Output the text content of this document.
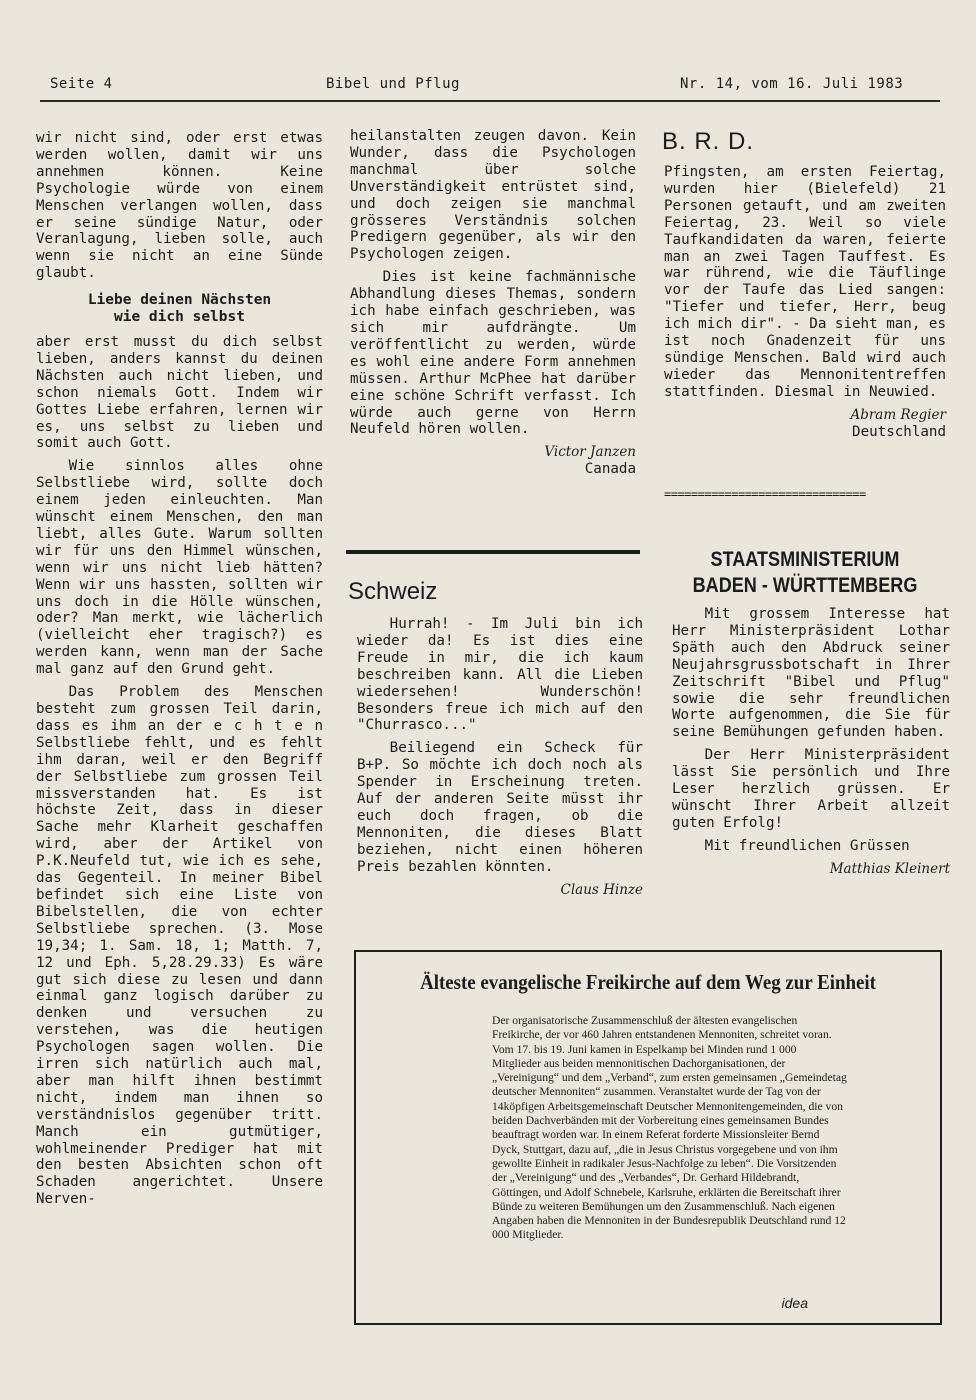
Seite 4	Bibel und Pflug	Nr. 14, vom 16. Juli 1983

wir nicht sind, oder erst etwas werden wollen, damit wir uns annehmen können. Keine Psychologie würde von einem Menschen verlangen wollen, dass er seine sündige Natur, oder Veranlagung, lieben solle, auch wenn sie nicht an eine Sünde glaubt.

Liebe deinen Nächsten
wie dich selbst

aber erst musst du dich selbst lieben, anders kannst du deinen Nächsten auch nicht lieben, und schon niemals Gott. Indem wir Gottes Liebe erfahren, lernen wir es, uns selbst zu lieben und somit auch Gott.

Wie sinnlos alles ohne Selbstliebe wird, sollte doch einem jeden einleuchten. Man wünscht einem Menschen, den man liebt, alles Gute. Warum sollten wir für uns den Himmel wünschen, wenn wir uns nicht lieb hätten? Wenn wir uns hassten, sollten wir uns doch in die Hölle wünschen, oder? Man merkt, wie lächerlich (vielleicht eher tragisch?) es werden kann, wenn man der Sache mal ganz auf den Grund geht.

Das Problem des Menschen besteht zum grossen Teil darin, dass es ihm an der e c h t e n Selbstliebe fehlt, und es fehlt ihm daran, weil er den Begriff der Selbstliebe zum grossen Teil missverstanden hat. Es ist höchste Zeit, dass in dieser Sache mehr Klarheit geschaffen wird, aber der Artikel von P.K.Neufeld tut, wie ich es sehe, das Gegenteil. In meiner Bibel befindet sich eine Liste von Bibelstellen, die von echter Selbstliebe sprechen. (3. Mose 19,34; 1. Sam. 18, 1; Matth. 7, 12 und Eph. 5,28.29.33) Es wäre gut sich diese zu lesen und dann einmal ganz logisch darüber zu denken und versuchen zu verstehen, was die heutigen Psychologen sagen wollen. Die irren sich natürlich auch mal, aber man hilft ihnen bestimmt nicht, indem man ihnen so verständnislos gegenüber tritt. Manch ein gutmütiger, wohlmeinender Prediger hat mit den besten Absichten schon oft Schaden angerichtet. Unsere Nerven-

heilanstalten zeugen davon. Kein Wunder, dass die Psychologen manchmal über solche Unverständigkeit entrüstet sind, und doch zeigen sie manchmal grösseres Verständnis solchen Predigern gegenüber, als wir den Psychologen zeigen.

Dies ist keine fachmännische Abhandlung dieses Themas, sondern ich habe einfach geschrieben, was sich mir aufdrängte. Um veröffentlicht zu werden, würde es wohl eine andere Form annehmen müssen. Arthur McPhee hat darüber eine schöne Schrift verfasst. Ich würde auch gerne von Herrn Neufeld hören wollen.

Victor Janzen
Canada
Schweiz

Hurrah! - Im Juli bin ich wieder da! Es ist dies eine Freude in mir, die ich kaum beschreiben kann. All die Lieben wiedersehen! Wunderschön! Besonders freue ich mich auf den "Churrasco..."

Beiliegend ein Scheck für B+P. So möchte ich doch noch als Spender in Erscheinung treten. Auf der anderen Seite müsst ihr euch doch fragen, ob die Mennoniten, die dieses Blatt beziehen, nicht einen höheren Preis bezahlen könnten.

Claus Hinze
B. R. D.

Pfingsten, am ersten Feiertag, wurden hier (Bielefeld) 21 Personen getauft, und am zweiten Feiertag, 23. Weil so viele Taufkandidaten da waren, feierte man an zwei Tagen Tauffest. Es war rührend, wie die Täuflinge vor der Taufe das Lied sangen: "Tiefer und tiefer, Herr, beug ich mich dir". - Da sieht man, es ist noch Gnadenzeit für uns sündige Menschen. Bald wird auch wieder das Mennonitentreffen stattfinden. Diesmal in Neuwied.

Abram Regier
Deutschland
==============================
STAATSMINISTERIUM
BADEN - WÜRTTEMBERG

Mit grossem Interesse hat Herr Ministerpräsident Lothar Späth auch den Abdruck seiner Neujahrsgrussbotschaft in Ihrer Zeitschrift "Bibel und Pflug" sowie die sehr freundlichen Worte aufgenommen, die Sie für seine Bemühungen gefunden haben.

Der Herr Ministerpräsident lässt Sie persönlich und Ihre Leser herzlich grüssen. Er wünscht Ihrer Arbeit allzeit guten Erfolg!

Mit freundlichen Grüssen

Matthias Kleinert
Älteste evangelische Freikirche auf dem Weg zur Einheit
Der organisatorische Zusammenschluß der ältesten evangelischen Freikirche, der vor 460 Jahren entstandenen Mennoniten, schreitet voran. Vom 17. bis 19. Juni kamen in Espelkamp bei Minden rund 1 000 Mitglieder aus beiden mennonitischen Dachorganisationen, der „Vereinigung“ und dem „Verband“, zum ersten gemeinsamen „Gemeindetag deutscher Mennoniten“ zusammen. Veranstaltet wurde der Tag von der 14köpfigen Arbeitsgemeinschaft Deutscher Mennonitengemeinden, die von beiden Dachverbänden mit der Vorbereitung eines gemeinsamen Bundes beauftragt worden war. In einem Referat forderte Missionsleiter Bernd Dyck, Stuttgart, dazu auf, „die in Jesus Christus vorgegebene und von ihm gewollte Einheit in radikaler Jesus-Nachfolge zu leben“. Die Vorsitzenden der „Vereinigung“ und des „Verbandes“, Dr. Gerhard Hildebrandt, Göttingen, und Adolf Schnebele, Karlsruhe, erklärten die Bereitschaft ihrer Bünde zu weiteren Bemühungen um den Zusammenschluß. Nach eigenen Angaben haben die Mennoniten in der Bundesrepublik Deutschland rund 12 000 Mitglieder.
idea
